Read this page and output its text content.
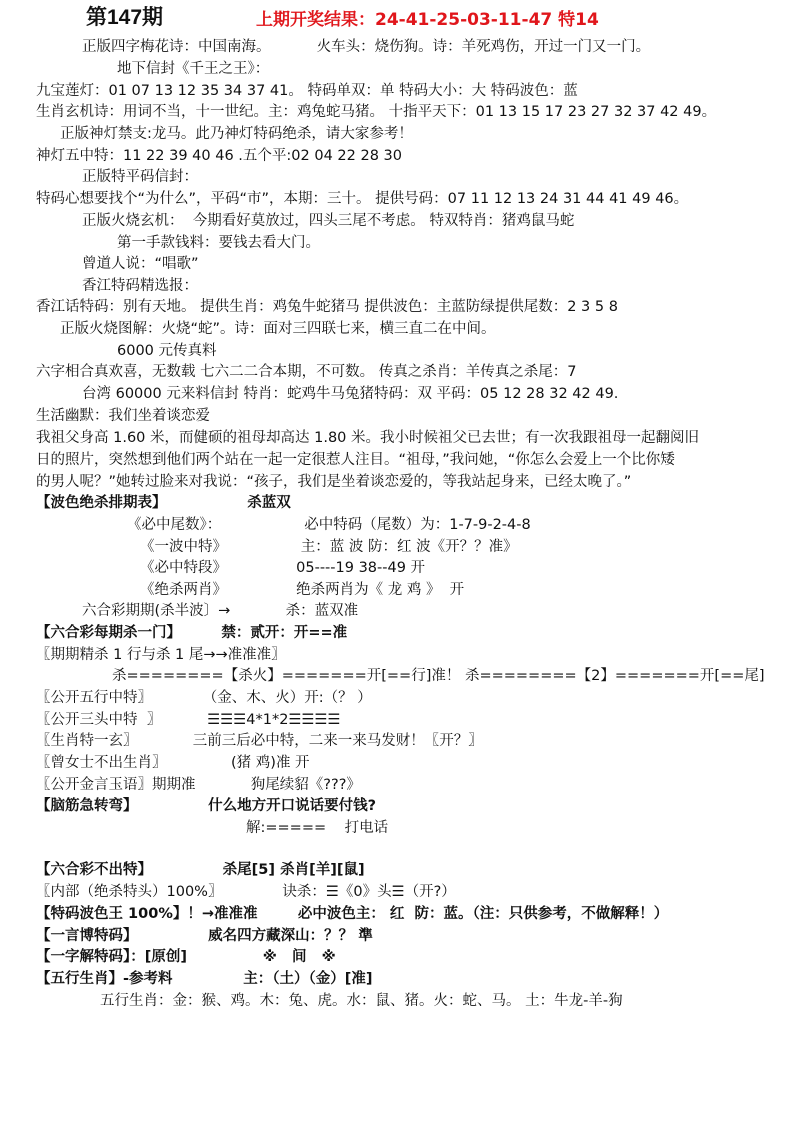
第147期	上期开奖结果：24-41-25-03-11-47 特14
正版四字梅花诗：中国南海。          火车头：烧伤狗。诗：羊死鸡伤，开过一门又一门。
地下信封《千王之王》：
九宝莲灯：01 07 13 12 35 34 37 41。 特码单双：单 特码大小：大 特码波色：蓝
生肖玄机诗：用词不当，十一世纪。主：鸡兔蛇马猪。 十指平天下：01 13 15 17 23 27 32 37 42 49。
正版神灯禁支:龙马。此乃神灯特码绝杀，请大家参考！
神灯五中特：11 22 39 40 46 .五个平:02 04 22 28 30
正版特平码信封：
特码心想要找个“为什么”，平码“市”，本期：三十。 提供号码：07 11 12 13 24 31 44 41 49 46。
正版火烧玄机：  今期看好莫放过，四头三尾不考虑。 特双特肖：猪鸡鼠马蛇
第一手款钱料：要钱去看大门。
曾道人说：“唱歌”
香江特码精选报：
香江话特码：别有天地。 提供生肖：鸡兔牛蛇猪马 提供波色：主蓝防绿提供尾数：2 3 5 8
正版火烧图解：火烧“蛇”。诗：面对三四联七来，横三直二在中间。
6000 元传真料
六字相合真欢喜，无数载 七六二二合本期，不可数。 传真之杀肖：羊传真之杀尾：7
台湾 60000 元来料信封 特肖：蛇鸡牛马兔猪特码：双 平码：05 12 28 32 42 49.
生活幽默：我们坐着谈恋爱
我祖父身高 1.60 米，而健硕的祖母却高达 1.80 米。我小时候祖父已去世；有一次我跟祖母一起翻阅旧
日的照片，突然想到他们两个站在一起一定很惹人注目。“祖母，”我问她，“你怎么会爱上一个比你矮
的男人呢？”她转过脸来对我说：“孩子，我们是坐着谈恋爱的，等我站起身来，已经太晚了。”
【波色绝杀排期表】                杀蓝双
《必中尾数》：                  必中特码（尾数）为：1-7-9-2-4-8
《一波中特》                主：蓝 波 防：红 波《开？？准》
《必中特段》               05----19 38--49 开
《绝杀两肖》               绝杀两肖为《 龙 鸡 》  开
六合彩期期(杀半波〕→            杀：蓝双准
【六合彩每期杀一门】        禁：贰开：开==准
〖期期精杀 1 行与杀 1 尾→→准准准〗
杀========【杀火】=======开[==行]准！ 杀========【2】=======开[==尾]
〖公开五行中特〗           （金、木、火）开:（？ ）
〖公开三头中特  〗          ☰☰☰4*1*2☰☰☰☰
〖生肖特一玄〗            三前三后必中特，二来一来马发财！〖开？〗
〖曾女士不出生肖〗              (猪 鸡)准 开
〖公开金言玉语〗期期准            狗尾续貂《???》
【脑筋急转弯】              什么地方开口说话要付钱?
解:=====    打电话
【六合彩不出特】              杀尾[5] 杀肖[羊][鼠]
〖内部（绝杀特头）100%〗             诀杀：☰《0》头☰（开?）
【特码波色王 100%】！→准准准        必中波色主： 红  防：蓝。（注：只供参考，不做解释！）
【一言博特码】              威名四方藏深山：？？ 準
【一字解特码】：[原创]               ※   间   ※
【五行生肖】-参考料              主：（土）（金）[准]
五行生肖：金：猴、鸡。木：兔、虎。水：鼠、猪。火：蛇、马。 土：牛龙-羊-狗
